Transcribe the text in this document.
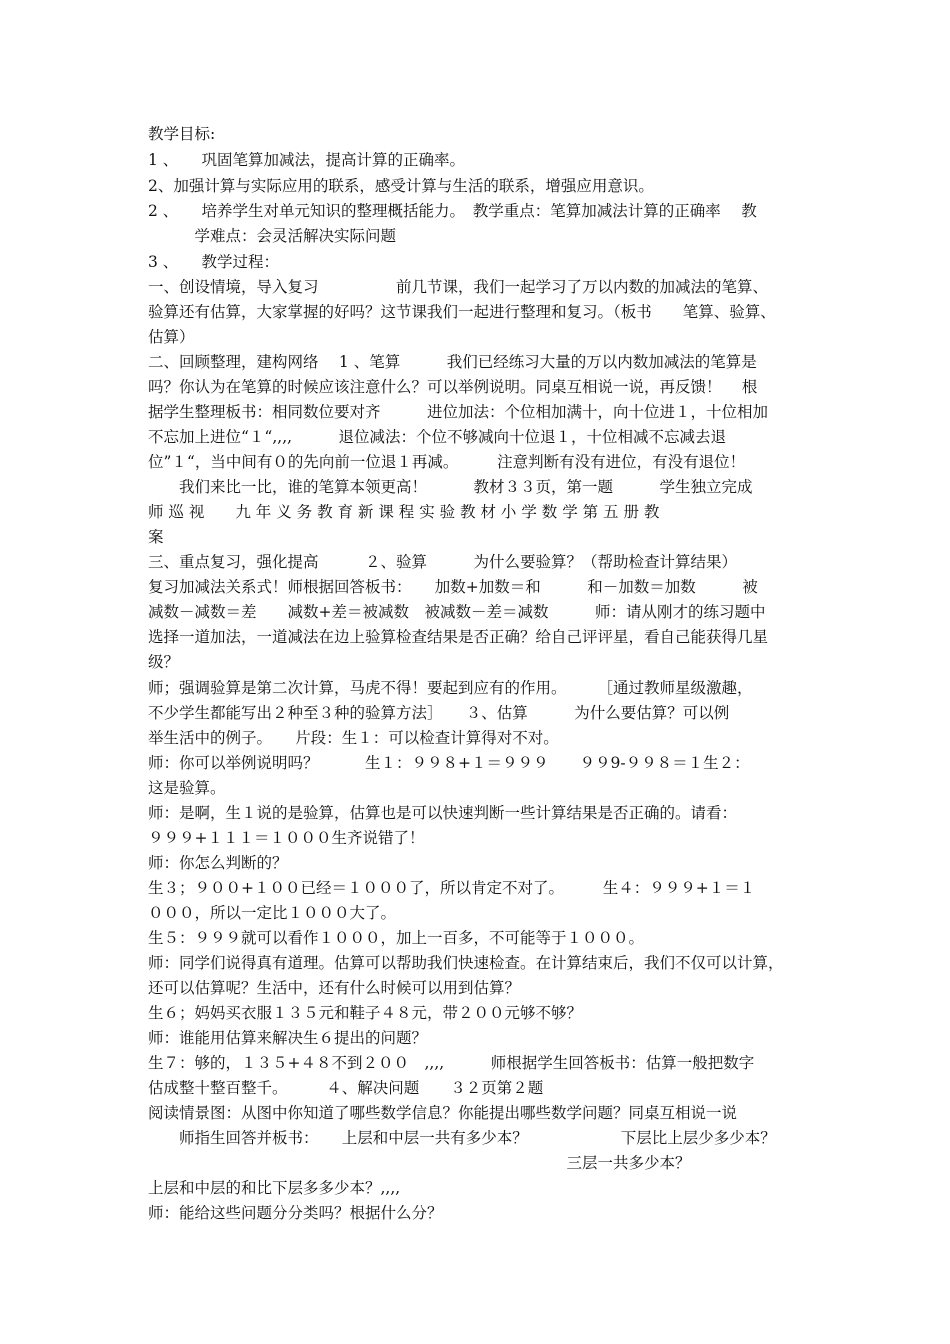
教学目标:
1 、　　巩固笔算加减法，提高计算的正确率。
2、加强计算与实际应用的联系，感受计算与生活的联系，增强应用意识。
2 、　　培养学生对单元知识的整理概括能力。　教学重点：笔算加减法计算的正确率　 教
　　　学难点：会灵活解决实际问题
3 、　　教学过程：
一、创设情境，导入复习　　　　　前几节课，我们一起学习了万以内数的加减法的笔算、
验算还有估算，大家掌握的好吗？这节课我们一起进行整理和复习。（板书　　笔算、验算、
估算）
二、回顾整理，建构网络　 1 、笔算　　　我们已经练习大量的万以内数加减法的笔算是
吗？你认为在笔算的时候应该注意什么？可以举例说明。同桌互相说一说，再反馈！　 根
据学生整理板书：相同数位要对齐　　　进位加法：个位相加满十，向十位进１，十位相加
不忘加上进位“１“,,,,　　　退位减法：个位不够减向十位退１，十位相减不忘减去退
位”１“，当中间有０的先向前一位退１再减。　　　注意判断有没有进位，有没有退位！
　　我们来比一比，谁的笔算本领更高！　　　教材３３页，第一题　　　学生独立完成
师 巡 视　　九 年 义 务 教 育 新 课 程 实 验 教 材 小 学 数 学 第 五 册 教
案
三、重点复习，强化提高　　　２、验算　　　为什么要验算？（帮助检查计算结果）
复习加减法关系式！师根据回答板书：　　加数+加数＝和　　　和－加数＝加数　　　被
减数－减数＝差　　减数+差＝被减数　被减数－差＝减数　　　师：请从刚才的练习题中
选择一道加法，一道减法在边上验算检查结果是否正确？给自己评评星，看自己能获得几星
级？
师；强调验算是第二次计算，马虎不得！要起到应有的作用。　　　［通过教师星级激趣，
不少学生都能写出２种至３种的验算方法］　　３、估算　　　为什么要估算？可以例
举生活中的例子。　　片段：生１：可以检查计算得对不对。
师：你可以举例说明吗？　　　生１：９９８+１＝９９９　　９９9-９９８＝１生２：
这是验算。
师：是啊，生１说的是验算，估算也是可以快速判断一些计算结果是否正确的。请看：
９９９+１１１＝１０００生齐说错了！
师：你怎么判断的？
生３；９００+１００已经＝１０００了，所以肯定不对了。　　　生４：９９９+１＝１
０００，所以一定比１０００大了。
生５：９９９就可以看作１０００，加上一百多，不可能等于１０００。
师：同学们说得真有道理。估算可以帮助我们快速检查。在计算结束后，我们不仅可以计算，
还可以估算呢？生活中，还有什么时候可以用到估算？
生６；妈妈买衣服１３５元和鞋子４８元，带２００元够不够？
师：谁能用估算来解决生６提出的问题？
生７：够的，１３５+４８不到２００　,,,,　　　师根据学生回答板书：估算一般把数字
估成整十整百整千。　　　４、解决问题　　３２页第２题
阅读情景图：从图中你知道了哪些数学信息？你能提出哪些数学问题？同桌互相说一说
　　师指生回答并板书：　　上层和中层一共有多少本？　　　　　　下层比上层少多少本？
　　　　　　　　　　　　　　　　　　　　　　　　　　　三层一共多少本？
上层和中层的和比下层多多少本？,,,,
师：能给这些问题分分类吗？根据什么分？
